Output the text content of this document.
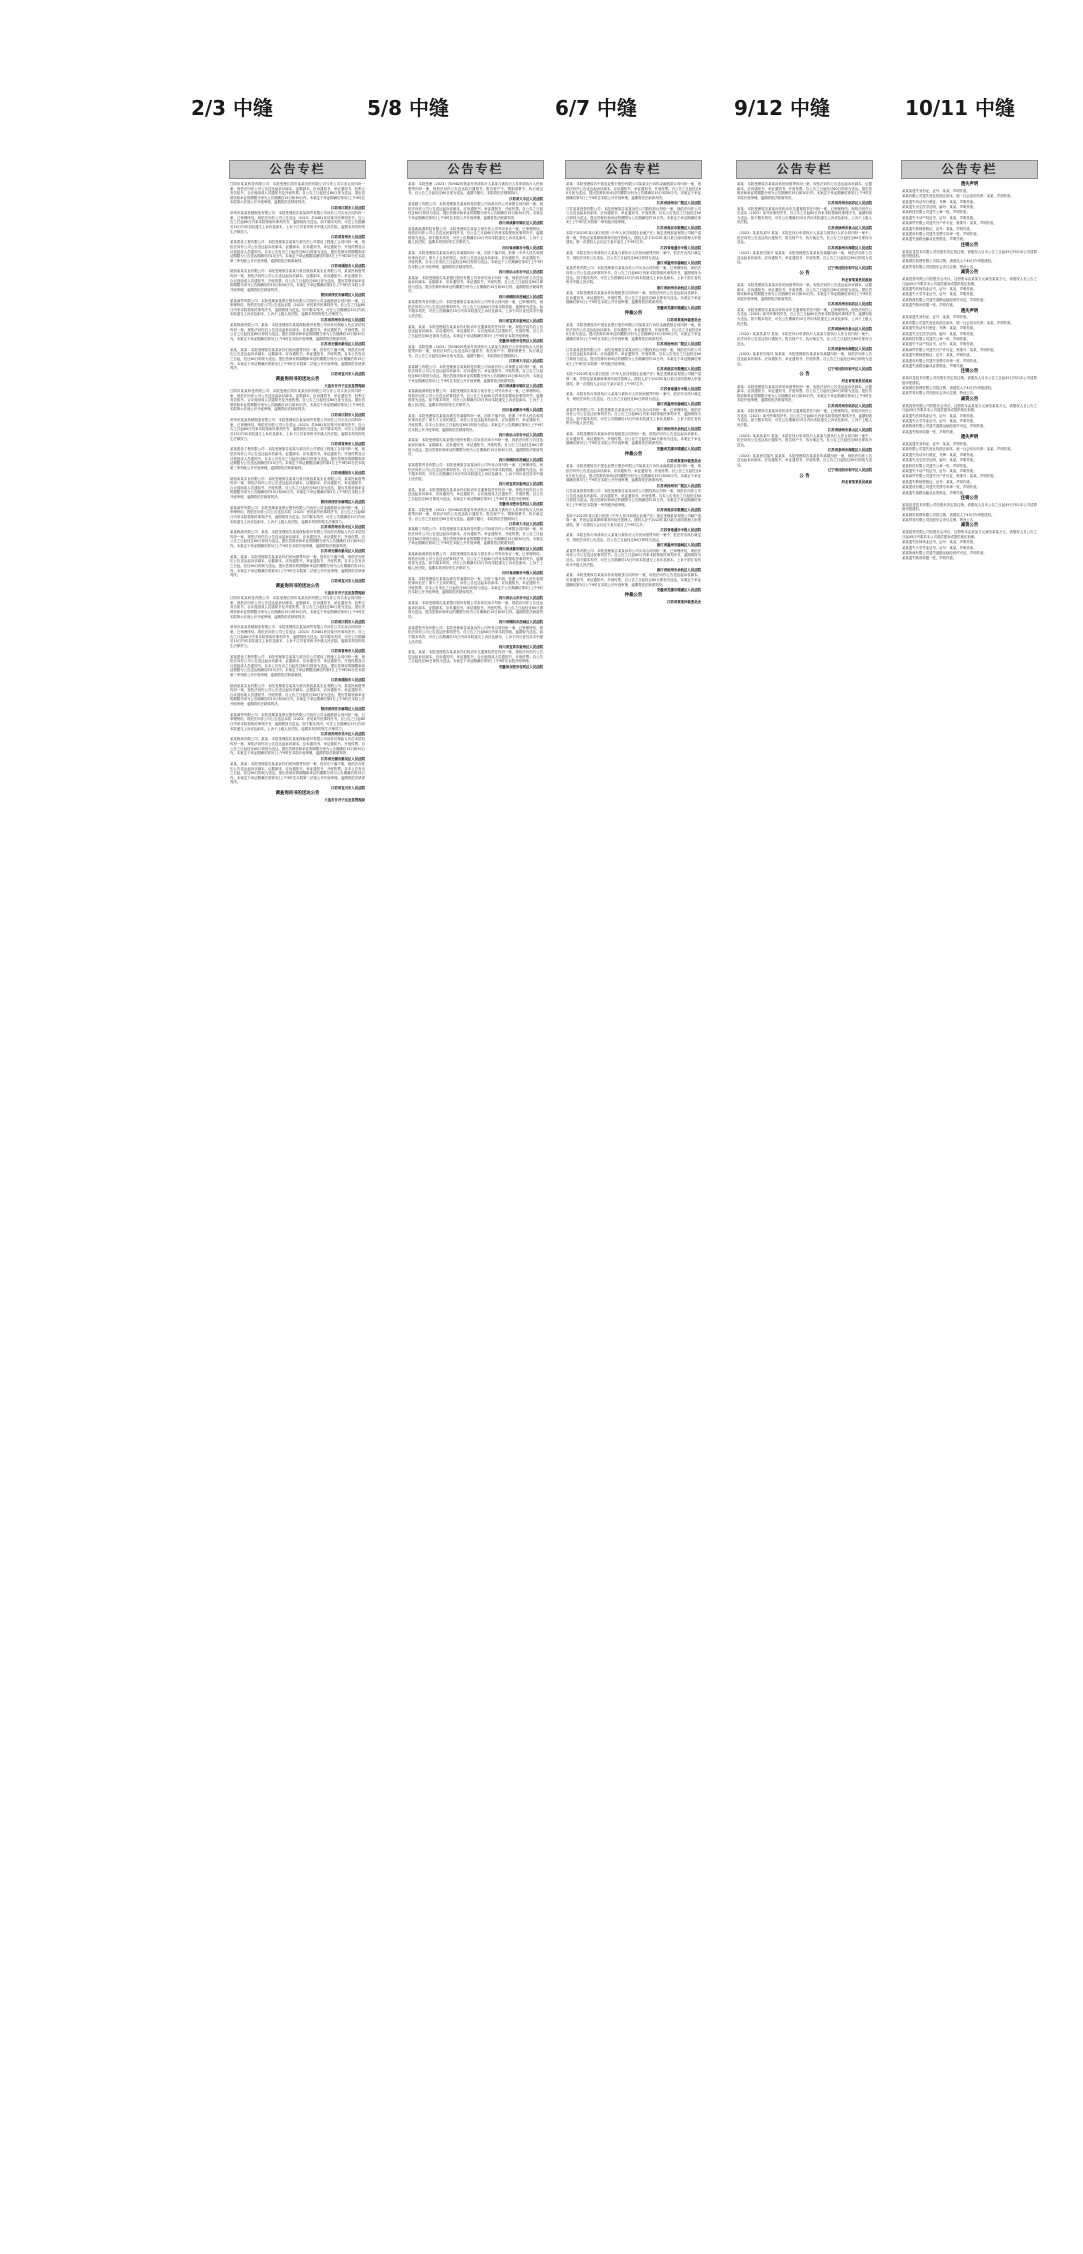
2/3 中缝	5/8 中缝	6/7 中缝	9/12 中缝	10/11 中缝
公告专栏

江阴市某某科技有限公司：本院受理江阴市某某纺织有限公司与你公司买卖合同纠纷一案，现依法向你公司公告送达起诉状副本、证据副本、应诉通知书、举证通知书、权利义务告知书、合议庭组成人员通知书及开庭传票。自公告之日起经过60日视为送达。提出答辩状和举证的期限分别为公告期满后15日和30日内。本案定于举证期满后第3日上午9时在本院第六法庭公开开庭审理，逾期将依法缺席判决。

江苏省江阴市人民法院

常州市某某机械制造有限公司：本院受理原告某某商贸有限公司诉你公司买卖合同纠纷一案，已审理终结。现依法向你公司公告送达（2023）苏0481民初某号民事判决书，自公告之日起60日内来本院领取民事判决书，逾期则视为送达。如不服本判决，可在公告期满后15日内向本院递交上诉状及副本，上诉于江苏省常州市中级人民法院。逾期本判决即发生法律效力。

江苏省常州市人民法院

某某建设工程有限公司：本院受理原告某某与被告你公司建设工程施工合同纠纷一案，现依法向你公司公告送达起诉状副本、证据副本、应诉通知书、举证通知书、开庭传票及合议庭组成人员通知书。自本公告发出之日起经过60日即视为送达。提出答辩状的期限和举证期限为公告送达期满后的15日内。本案定于举证期限届满后的第3日上午9时30分在本院第三审判庭公开开庭审理，逾期将依法缺席裁判。

江苏省溧阳市人民法院

陕西某某实业有限公司：本院受理原告某某与被告陕西某某实业有限公司、某某民间借贷纠纷一案，现依法向你公司公告送达起诉状副本、证据副本、应诉通知书、举证通知书、合议庭组成人员通知书、开庭传票。自公告之日起经过60日视为送达，提出答辩状和举证的期限分别为公告期满后的15日和30日内。本案定于举证期满后第3日上午9时在本院公开开庭审理，逾期将依法缺席判决。

陕西省西安市雁塔区人民法院

某某商贸有限公司：本院受理某某银行股份有限公司诉你公司金融借款合同纠纷一案，已审理终结，现依法向你公司公告送达本院（2023）民初某号民事判决书。自公告之日起60日内来本院领取民事判决书，逾期则视为送达。如不服本判决，可在公告期满后15日内向本院递交上诉状及副本，上诉于上级人民法院，逾期本判决即发生法律效力。

江苏省苏州市吴中区人民法院

某某物流有限公司、某某：本院受理原告某某保险股份有限公司诉你们保险人代位求偿权纠纷一案，现依法向你们公告送达起诉状副本、应诉通知书、举证通知书、开庭传票。自公告之日起经过60日即视为送达。提出答辩状和举证的期限分别为公告期满后15日和30日内。本案定于举证期满后第3日上午9时在本院开庭审理，逾期将依法缺席判决。

江苏省无锡市新吴区人民法院

某某、某某：本院受理原告某某诉你们民间借贷纠纷一案，因你们下落不明，现依法向你们公告送达起诉状副本、证据副本、应诉通知书、举证通知书、开庭传票。自本公告发出之日起，经过60日即视为送达。提出答辩状的期限和举证的期限分别为公告期满后的15日内。本案定于举证期满后的第3日上午9时在本院第二法庭公开开庭审理，逾期将依法缺席判决。

江苏省宜兴市人民法院

调查询问书的送达公告

大连市甘井子区应急管理局

江阴市某某科技有限公司：本院受理江阴市某某纺织有限公司与你公司买卖合同纠纷一案，现依法向你公司公告送达起诉状副本、证据副本、应诉通知书、举证通知书、权利义务告知书、合议庭组成人员通知书及开庭传票。自公告之日起经过60日视为送达。提出答辩状和举证的期限分别为公告期满后15日和30日内。本案定于举证期满后第3日上午9时在本院第六法庭公开开庭审理，逾期将依法缺席判决。

江苏省江阴市人民法院

常州市某某机械制造有限公司：本院受理原告某某商贸有限公司诉你公司买卖合同纠纷一案，已审理终结。现依法向你公司公告送达（2023）苏0481民初某号民事判决书，自公告之日起60日内来本院领取民事判决书，逾期则视为送达。如不服本判决，可在公告期满后15日内向本院递交上诉状及副本，上诉于江苏省常州市中级人民法院。逾期本判决即发生法律效力。

江苏省常州市人民法院

某某建设工程有限公司：本院受理原告某某与被告你公司建设工程施工合同纠纷一案，现依法向你公司公告送达起诉状副本、证据副本、应诉通知书、举证通知书、开庭传票及合议庭组成人员通知书。自本公告发出之日起经过60日即视为送达。提出答辩状的期限和举证期限为公告送达期满后的15日内。本案定于举证期限届满后的第3日上午9时30分在本院第三审判庭公开开庭审理，逾期将依法缺席裁判。

江苏省溧阳市人民法院

陕西某某实业有限公司：本院受理原告某某与被告陕西某某实业有限公司、某某民间借贷纠纷一案，现依法向你公司公告送达起诉状副本、证据副本、应诉通知书、举证通知书、合议庭组成人员通知书、开庭传票。自公告之日起经过60日视为送达，提出答辩状和举证的期限分别为公告期满后的15日和30日内。本案定于举证期满后第3日上午9时在本院公开开庭审理，逾期将依法缺席判决。

陕西省西安市雁塔区人民法院

某某商贸有限公司：本院受理某某银行股份有限公司诉你公司金融借款合同纠纷一案，已审理终结，现依法向你公司公告送达本院（2023）民初某号民事判决书。自公告之日起60日内来本院领取民事判决书，逾期则视为送达。如不服本判决，可在公告期满后15日内向本院递交上诉状及副本，上诉于上级人民法院，逾期本判决即发生法律效力。

江苏省苏州市吴中区人民法院

某某物流有限公司、某某：本院受理原告某某保险股份有限公司诉你们保险人代位求偿权纠纷一案，现依法向你们公告送达起诉状副本、应诉通知书、举证通知书、开庭传票。自公告之日起经过60日即视为送达。提出答辩状和举证的期限分别为公告期满后15日和30日内。本案定于举证期满后第3日上午9时在本院开庭审理，逾期将依法缺席判决。

江苏省无锡市新吴区人民法院

某某、某某：本院受理原告某某诉你们民间借贷纠纷一案，因你们下落不明，现依法向你们公告送达起诉状副本、证据副本、应诉通知书、举证通知书、开庭传票。自本公告发出之日起，经过60日即视为送达。提出答辩状的期限和举证的期限分别为公告期满后的15日内。本案定于举证期满后的第3日上午9时在本院第二法庭公开开庭审理，逾期将依法缺席判决。

江苏省宜兴市人民法院

调查询问书的送达公告

大连市甘井子区应急管理局

江阴市某某科技有限公司：本院受理江阴市某某纺织有限公司与你公司买卖合同纠纷一案，现依法向你公司公告送达起诉状副本、证据副本、应诉通知书、举证通知书、权利义务告知书、合议庭组成人员通知书及开庭传票。自公告之日起经过60日视为送达。提出答辩状和举证的期限分别为公告期满后15日和30日内。本案定于举证期满后第3日上午9时在本院第六法庭公开开庭审理，逾期将依法缺席判决。

江苏省江阴市人民法院

常州市某某机械制造有限公司：本院受理原告某某商贸有限公司诉你公司买卖合同纠纷一案，已审理终结。现依法向你公司公告送达（2023）苏0481民初某号民事判决书，自公告之日起60日内来本院领取民事判决书，逾期则视为送达。如不服本判决，可在公告期满后15日内向本院递交上诉状及副本，上诉于江苏省常州市中级人民法院。逾期本判决即发生法律效力。

江苏省常州市人民法院

某某建设工程有限公司：本院受理原告某某与被告你公司建设工程施工合同纠纷一案，现依法向你公司公告送达起诉状副本、证据副本、应诉通知书、举证通知书、开庭传票及合议庭组成人员通知书。自本公告发出之日起经过60日即视为送达。提出答辩状的期限和举证期限为公告送达期满后的15日内。本案定于举证期限届满后的第3日上午9时30分在本院第三审判庭公开开庭审理，逾期将依法缺席裁判。

江苏省溧阳市人民法院

陕西某某实业有限公司：本院受理原告某某与被告陕西某某实业有限公司、某某民间借贷纠纷一案，现依法向你公司公告送达起诉状副本、证据副本、应诉通知书、举证通知书、合议庭组成人员通知书、开庭传票。自公告之日起经过60日视为送达，提出答辩状和举证的期限分别为公告期满后的15日和30日内。本案定于举证期满后第3日上午9时在本院公开开庭审理，逾期将依法缺席判决。

陕西省西安市雁塔区人民法院

某某商贸有限公司：本院受理某某银行股份有限公司诉你公司金融借款合同纠纷一案，已审理终结，现依法向你公司公告送达本院（2023）民初某号民事判决书。自公告之日起60日内来本院领取民事判决书，逾期则视为送达。如不服本判决，可在公告期满后15日内向本院递交上诉状及副本，上诉于上级人民法院，逾期本判决即发生法律效力。

江苏省苏州市吴中区人民法院

某某物流有限公司、某某：本院受理原告某某保险股份有限公司诉你们保险人代位求偿权纠纷一案，现依法向你们公告送达起诉状副本、应诉通知书、举证通知书、开庭传票。自公告之日起经过60日即视为送达。提出答辩状和举证的期限分别为公告期满后15日和30日内。本案定于举证期满后第3日上午9时在本院开庭审理，逾期将依法缺席判决。

江苏省无锡市新吴区人民法院

某某、某某：本院受理原告某某诉你们民间借贷纠纷一案，因你们下落不明，现依法向你们公告送达起诉状副本、证据副本、应诉通知书、举证通知书、开庭传票。自本公告发出之日起，经过60日即视为送达。提出答辩状的期限和举证的期限分别为公告期满后的15日内。本案定于举证期满后的第3日上午9时在本院第二法庭公开开庭审理，逾期将依法缺席判决。

江苏省宜兴市人民法院

调查询问书的送达公告

大连市甘井子区应急管理局

公告专栏

某某：本院受理（2023）苏0982执恢某号申请执行人某某与被执行人你申请执行人民间借贷纠纷一案，现依法向你公告送达执行通知书、报告财产令、限制消费令、执行裁定书。自公告之日起经过60日视为送达。逾期不履行，本院将依法强制执行。

江苏省大丰区人民法院

某某精工有限公司：本院受理原告某某科技有限公司诉被告你公司承揽合同纠纷一案，现依法向你公司公告送达起诉状副本、应诉通知书、举证通知书、开庭传票。自公告之日起经过60日即视为送达。提出答辩状和举证的期限分别为公告期满后15日和30日内。本案定于举证期满后第3日上午9时在本院公开开庭审理，逾期将依法缺席判决。

四川省成都市锦江区人民法院

某某新能源科技有限公司：本院受理原告某某与被告你公司劳动争议一案，已审理终结。现依法向你公司公告送达民事判决书。自公告之日起60日内来本院领取民事判决书，逾期则视为送达。如不服本判决，可在公告期满后15日内向本院递交上诉状及副本，上诉于上级人民法院。逾期本判决即发生法律效力。

四川省成都市中级人民法院

某某：本院受理原告某某诉被告你离婚纠纷一案，因你下落不明，依照《中华人民共和国民事诉讼法》第九十五条的规定，向你公告送达起诉状副本、应诉通知书、举证通知书、开庭传票。自本公告发出之日起经过60日即视为送达。本案定于公告期满后第3日上午9时在本院公开开庭审理，逾期将依法缺席判决。

四川省乐山市市中区人民法院

某某某：本院受理原告某某银行股份有限公司诉你信用卡纠纷一案，现依法向你公告送达起诉状副本、证据副本、应诉通知书、举证通知书、开庭传票。自公告之日起经过60日即视为送达。提出答辩状和举证的期限分别为公告期满后15日和30日内。逾期将依法缺席判决。

四川省绵阳市涪城区人民法院

某某建筑劳务有限公司：本院受理原告某某诉你公司劳务合同纠纷一案，已审理终结，现依法向你公司公告送达民事判决书。自公告之日起60日内来本院领取，逾期视为送达。如不服本判决，可在公告期满后15日内向本院递交上诉状及副本，上诉于四川省宜宾市中级人民法院。

四川省宜宾市叙州区人民法院

某某、某某：本院受理原告某某诉你们机动车交通事故责任纠纷一案，现依法向你们公告送达起诉状副本、应诉通知书、举证通知书、合议庭组成人员通知书、开庭传票。自公告之日起经过60日即视为送达。本案定于举证期满后第3日上午9时在本院开庭审理。

安徽省合肥市包河区人民法院

某某：本院受理（2023）苏0982执恢某号申请执行人某某与被执行人你申请执行人民间借贷纠纷一案，现依法向你公告送达执行通知书、报告财产令、限制消费令、执行裁定书。自公告之日起经过60日视为送达。逾期不履行，本院将依法强制执行。

江苏省大丰区人民法院

某某精工有限公司：本院受理原告某某科技有限公司诉被告你公司承揽合同纠纷一案，现依法向你公司公告送达起诉状副本、应诉通知书、举证通知书、开庭传票。自公告之日起经过60日即视为送达。提出答辩状和举证的期限分别为公告期满后15日和30日内。本案定于举证期满后第3日上午9时在本院公开开庭审理，逾期将依法缺席判决。

四川省成都市锦江区人民法院

某某新能源科技有限公司：本院受理原告某某与被告你公司劳动争议一案，已审理终结。现依法向你公司公告送达民事判决书。自公告之日起60日内来本院领取民事判决书，逾期则视为送达。如不服本判决，可在公告期满后15日内向本院递交上诉状及副本，上诉于上级人民法院。逾期本判决即发生法律效力。

四川省成都市中级人民法院

某某：本院受理原告某某诉被告你离婚纠纷一案，因你下落不明，依照《中华人民共和国民事诉讼法》第九十五条的规定，向你公告送达起诉状副本、应诉通知书、举证通知书、开庭传票。自本公告发出之日起经过60日即视为送达。本案定于公告期满后第3日上午9时在本院公开开庭审理，逾期将依法缺席判决。

四川省乐山市市中区人民法院

某某某：本院受理原告某某银行股份有限公司诉你信用卡纠纷一案，现依法向你公告送达起诉状副本、证据副本、应诉通知书、举证通知书、开庭传票。自公告之日起经过60日即视为送达。提出答辩状和举证的期限分别为公告期满后15日和30日内。逾期将依法缺席判决。

四川省绵阳市涪城区人民法院

某某建筑劳务有限公司：本院受理原告某某诉你公司劳务合同纠纷一案，已审理终结，现依法向你公司公告送达民事判决书。自公告之日起60日内来本院领取，逾期视为送达。如不服本判决，可在公告期满后15日内向本院递交上诉状及副本，上诉于四川省宜宾市中级人民法院。

四川省宜宾市叙州区人民法院

某某、某某：本院受理原告某某诉你们机动车交通事故责任纠纷一案，现依法向你们公告送达起诉状副本、应诉通知书、举证通知书、合议庭组成人员通知书、开庭传票。自公告之日起经过60日即视为送达。本案定于举证期满后第3日上午9时在本院开庭审理。

安徽省合肥市包河区人民法院

某某：本院受理（2023）苏0982执恢某号申请执行人某某与被执行人你申请执行人民间借贷纠纷一案，现依法向你公告送达执行通知书、报告财产令、限制消费令、执行裁定书。自公告之日起经过60日视为送达。逾期不履行，本院将依法强制执行。

江苏省大丰区人民法院

某某精工有限公司：本院受理原告某某科技有限公司诉被告你公司承揽合同纠纷一案，现依法向你公司公告送达起诉状副本、应诉通知书、举证通知书、开庭传票。自公告之日起经过60日即视为送达。提出答辩状和举证的期限分别为公告期满后15日和30日内。本案定于举证期满后第3日上午9时在本院公开开庭审理，逾期将依法缺席判决。

四川省成都市锦江区人民法院

某某新能源科技有限公司：本院受理原告某某与被告你公司劳动争议一案，已审理终结。现依法向你公司公告送达民事判决书。自公告之日起60日内来本院领取民事判决书，逾期则视为送达。如不服本判决，可在公告期满后15日内向本院递交上诉状及副本，上诉于上级人民法院。逾期本判决即发生法律效力。

四川省成都市中级人民法院

某某：本院受理原告某某诉被告你离婚纠纷一案，因你下落不明，依照《中华人民共和国民事诉讼法》第九十五条的规定，向你公告送达起诉状副本、应诉通知书、举证通知书、开庭传票。自本公告发出之日起经过60日即视为送达。本案定于公告期满后第3日上午9时在本院公开开庭审理，逾期将依法缺席判决。

四川省乐山市市中区人民法院

某某某：本院受理原告某某银行股份有限公司诉你信用卡纠纷一案，现依法向你公告送达起诉状副本、证据副本、应诉通知书、举证通知书、开庭传票。自公告之日起经过60日即视为送达。提出答辩状和举证的期限分别为公告期满后15日和30日内。逾期将依法缺席判决。

四川省绵阳市涪城区人民法院

某某建筑劳务有限公司：本院受理原告某某诉你公司劳务合同纠纷一案，已审理终结，现依法向你公司公告送达民事判决书。自公告之日起60日内来本院领取，逾期视为送达。如不服本判决，可在公告期满后15日内向本院递交上诉状及副本，上诉于四川省宜宾市中级人民法院。

四川省宜宾市叙州区人民法院

某某、某某：本院受理原告某某诉你们机动车交通事故责任纠纷一案，现依法向你们公告送达起诉状副本、应诉通知书、举证通知书、合议庭组成人员通知书、开庭传票。自公告之日起经过60日即视为送达。本案定于举证期满后第3日上午9时在本院开庭审理。

安徽省合肥市包河区人民法院

公告专栏

某某：本院受理原告中国农业银行股份有限公司某某支行诉你金融借款合同纠纷一案，现依法向你公告送达起诉状副本、应诉通知书、举证通知书、开庭传票。自公告之日起经过60日视为送达。提出答辩状和举证的期限分别为公告期满后15日和30日内。本案定于举证期满后第3日上午9时在本院公开开庭审理，逾期将依法缺席判决。

江苏省扬州市广陵区人民法院

江苏某某投资有限公司：本院受理原告某某诉你公司股权转让纠纷一案，现依法向你公司公告送达起诉状副本、应诉通知书、举证通知书、开庭传票。自本公告发出之日起经过60日即视为送达。提出答辩状和举证的期限为公告期满后的15日内。本案定于举证期满后第3日上午9时在本院第一审判庭开庭审理。

江苏省南京市鼓楼区人民法院

本院于2023年某月某日依照《中华人民共和国企业破产法》裁定受理某某有限公司破产清算一案，并指定某某律师事务所担任管理人。债权人应于2023年某月某日前向管理人申报债权。第一次债权人会议定于某月某日上午9时召开。

江苏省南通市中级人民法院

某某：本院在执行申请执行人某某与被执行人你民间借贷纠纷一案中，依法作出执行裁定书，现依法向你公告送达。自公告之日起经过60日即视为送达。

浙江省温州市鹿城区人民法院

某某贸易有限公司：本院受理原告某某诉你公司买卖合同纠纷一案，已审理终结，现依法向你公司公告送达民事判决书。自公告之日起60日内来本院领取民事判决书，逾期则视为送达。如不服本判决，可在公告期满后15日内向本院递交上诉状及副本，上诉于浙江省杭州市中级人民法院。

浙江省杭州市余杭区人民法院

某某：本院受理原告某某诉你房屋租赁合同纠纷一案，现依法向你公告送达起诉状副本、应诉通知书、举证通知书、开庭传票。自公告之日起经过60日即视为送达。本案定于举证期满后第3日上午9时在本院公开开庭审理，逾期将依法缺席判决。

安徽省芜湖市镜湖区人民法院

仲裁公告

江苏省某某仲裁委员会

某某：本院受理原告中国农业银行股份有限公司某某支行诉你金融借款合同纠纷一案，现依法向你公告送达起诉状副本、应诉通知书、举证通知书、开庭传票。自公告之日起经过60日视为送达。提出答辩状和举证的期限分别为公告期满后15日和30日内。本案定于举证期满后第3日上午9时在本院公开开庭审理，逾期将依法缺席判决。

江苏省扬州市广陵区人民法院

江苏某某投资有限公司：本院受理原告某某诉你公司股权转让纠纷一案，现依法向你公司公告送达起诉状副本、应诉通知书、举证通知书、开庭传票。自本公告发出之日起经过60日即视为送达。提出答辩状和举证的期限为公告期满后的15日内。本案定于举证期满后第3日上午9时在本院第一审判庭开庭审理。

江苏省南京市鼓楼区人民法院

本院于2023年某月某日依照《中华人民共和国企业破产法》裁定受理某某有限公司破产清算一案，并指定某某律师事务所担任管理人。债权人应于2023年某月某日前向管理人申报债权。第一次债权人会议定于某月某日上午9时召开。

江苏省南通市中级人民法院

某某：本院在执行申请执行人某某与被执行人你民间借贷纠纷一案中，依法作出执行裁定书，现依法向你公告送达。自公告之日起经过60日即视为送达。

浙江省温州市鹿城区人民法院

某某贸易有限公司：本院受理原告某某诉你公司买卖合同纠纷一案，已审理终结，现依法向你公司公告送达民事判决书。自公告之日起60日内来本院领取民事判决书，逾期则视为送达。如不服本判决，可在公告期满后15日内向本院递交上诉状及副本，上诉于浙江省杭州市中级人民法院。

浙江省杭州市余杭区人民法院

某某：本院受理原告某某诉你房屋租赁合同纠纷一案，现依法向你公告送达起诉状副本、应诉通知书、举证通知书、开庭传票。自公告之日起经过60日即视为送达。本案定于举证期满后第3日上午9时在本院公开开庭审理，逾期将依法缺席判决。

安徽省芜湖市镜湖区人民法院

仲裁公告

江苏省某某仲裁委员会

某某：本院受理原告中国农业银行股份有限公司某某支行诉你金融借款合同纠纷一案，现依法向你公告送达起诉状副本、应诉通知书、举证通知书、开庭传票。自公告之日起经过60日视为送达。提出答辩状和举证的期限分别为公告期满后15日和30日内。本案定于举证期满后第3日上午9时在本院公开开庭审理，逾期将依法缺席判决。

江苏省扬州市广陵区人民法院

江苏某某投资有限公司：本院受理原告某某诉你公司股权转让纠纷一案，现依法向你公司公告送达起诉状副本、应诉通知书、举证通知书、开庭传票。自本公告发出之日起经过60日即视为送达。提出答辩状和举证的期限为公告期满后的15日内。本案定于举证期满后第3日上午9时在本院第一审判庭开庭审理。

江苏省南京市鼓楼区人民法院

本院于2023年某月某日依照《中华人民共和国企业破产法》裁定受理某某有限公司破产清算一案，并指定某某律师事务所担任管理人。债权人应于2023年某月某日前向管理人申报债权。第一次债权人会议定于某月某日上午9时召开。

江苏省南通市中级人民法院

某某：本院在执行申请执行人某某与被执行人你民间借贷纠纷一案中，依法作出执行裁定书，现依法向你公告送达。自公告之日起经过60日即视为送达。

浙江省温州市鹿城区人民法院

某某贸易有限公司：本院受理原告某某诉你公司买卖合同纠纷一案，已审理终结，现依法向你公司公告送达民事判决书。自公告之日起60日内来本院领取民事判决书，逾期则视为送达。如不服本判决，可在公告期满后15日内向本院递交上诉状及副本，上诉于浙江省杭州市中级人民法院。

浙江省杭州市余杭区人民法院

某某：本院受理原告某某诉你房屋租赁合同纠纷一案，现依法向你公告送达起诉状副本、应诉通知书、举证通知书、开庭传票。自公告之日起经过60日即视为送达。本案定于举证期满后第3日上午9时在本院公开开庭审理，逾期将依法缺席判决。

安徽省芜湖市镜湖区人民法院

仲裁公告

江苏省某某仲裁委员会

公告专栏

某某：本院受理原告某某诉你民间借贷纠纷一案，现依法向你公告送达起诉状副本、证据副本、应诉通知书、举证通知书、开庭传票。自公告之日起经过60日即视为送达。提出答辩状和举证的期限分别为公告期满后15日和30日内。本案定于举证期满后第3日上午9时在本院开庭审理，逾期将依法缺席判决。

江苏省苏州市姑苏区人民法院

某某：本院受理原告某某诉你机动车交通事故责任纠纷一案，已审理终结。现依法向你公告送达（2023）某号民事判决书。自公告之日起60日内来本院领取民事判决书，逾期则视为送达。如不服本判决，可在公告期满后15日内向本院递交上诉状及副本，上诉于上级人民法院。

江苏省徐州市泉山区人民法院

（2023）某某执某号 某某：本院在执行申请执行人某某与被执行人你合同纠纷一案中，依法向你公告送达执行通知书、报告财产令、执行裁定书。自公告之日起经过60日即视为送达。

江苏省泰州市海陵区人民法院

（2023）某某民初某号 某某某：本院受理原告某某诉你离婚纠纷一案，现依法向你公告送达起诉状副本、应诉通知书、举证通知书、开庭传票。自公告之日起经过60日即视为送达。

辽宁省沈阳市和平区人民法院

公 告

河北省某某县民政局

某某：本院受理原告某某诉你民间借贷纠纷一案，现依法向你公告送达起诉状副本、证据副本、应诉通知书、举证通知书、开庭传票。自公告之日起经过60日即视为送达。提出答辩状和举证的期限分别为公告期满后15日和30日内。本案定于举证期满后第3日上午9时在本院开庭审理，逾期将依法缺席判决。

江苏省苏州市姑苏区人民法院

某某：本院受理原告某某诉你机动车交通事故责任纠纷一案，已审理终结。现依法向你公告送达（2023）某号民事判决书。自公告之日起60日内来本院领取民事判决书，逾期则视为送达。如不服本判决，可在公告期满后15日内向本院递交上诉状及副本，上诉于上级人民法院。

江苏省徐州市泉山区人民法院

（2023）某某执某号 某某：本院在执行申请执行人某某与被执行人你合同纠纷一案中，依法向你公告送达执行通知书、报告财产令、执行裁定书。自公告之日起经过60日即视为送达。

江苏省泰州市海陵区人民法院

（2023）某某民初某号 某某某：本院受理原告某某诉你离婚纠纷一案，现依法向你公告送达起诉状副本、应诉通知书、举证通知书、开庭传票。自公告之日起经过60日即视为送达。

辽宁省沈阳市和平区人民法院

公 告

河北省某某县民政局

某某：本院受理原告某某诉你民间借贷纠纷一案，现依法向你公告送达起诉状副本、证据副本、应诉通知书、举证通知书、开庭传票。自公告之日起经过60日即视为送达。提出答辩状和举证的期限分别为公告期满后15日和30日内。本案定于举证期满后第3日上午9时在本院开庭审理，逾期将依法缺席判决。

江苏省苏州市姑苏区人民法院

某某：本院受理原告某某诉你机动车交通事故责任纠纷一案，已审理终结。现依法向你公告送达（2023）某号民事判决书。自公告之日起60日内来本院领取民事判决书，逾期则视为送达。如不服本判决，可在公告期满后15日内向本院递交上诉状及副本，上诉于上级人民法院。

江苏省徐州市泉山区人民法院

（2023）某某执某号 某某：本院在执行申请执行人某某与被执行人你合同纠纷一案中，依法向你公告送达执行通知书、报告财产令、执行裁定书。自公告之日起经过60日即视为送达。

江苏省泰州市海陵区人民法院

（2023）某某民初某号 某某某：本院受理原告某某诉你离婚纠纷一案，现依法向你公告送达起诉状副本、应诉通知书、举证通知书、开庭传票。自公告之日起经过60日即视为送达。

辽宁省沈阳市和平区人民法院

公 告

河北省某某县民政局

公告专栏

遗失声明

某某某遗失身份证，证号：某某，声明作废。

某某有限公司遗失营业执照正副本，统一社会信用代码：某某，声明作废。

某某遗失机动车行驶证，号牌：某某，声明作废。

某某遗失出生医学证明，编号：某某，声明作废。

某某科技有限公司遗失公章一枚，声明作废。

某某遗失不动产权证书，证号：某某，声明作废。

某某商贸有限公司遗失开户许可证，核准号：某某，声明作废。

某某遗失教师资格证，证号：某某，声明作废。

某某建设有限公司遗失发票专用章一枚，声明作废。

某某遗失道路运输从业资格证，声明作废。

注销公告

某某信息技术有限公司经股东决定拟注销，请债权人自本公告之日起45日内向本公司清算组申报债权。

某某餐饮管理有限公司拟注销，请债权人于45日内申报债权。

某某贸易有限公司经股东会决议注销，特此公告。

减资公告

某某投资有限公司经股东会决议，注册资本由某某万元减至某某万元，请债权人自公告之日起45日内要求本公司清偿债务或提供相应担保。

某某遗失医师执业证书，证号：某某，声明作废。

某某遗失大学毕业证书，证号：某某，声明作废。

某某物流有限公司遗失道路运输经营许可证，声明作废。

某某遗失购房收据一张，声明作废。

遗失声明

某某某遗失身份证，证号：某某，声明作废。

某某有限公司遗失营业执照正副本，统一社会信用代码：某某，声明作废。

某某遗失机动车行驶证，号牌：某某，声明作废。

某某遗失出生医学证明，编号：某某，声明作废。

某某科技有限公司遗失公章一枚，声明作废。

某某遗失不动产权证书，证号：某某，声明作废。

某某商贸有限公司遗失开户许可证，核准号：某某，声明作废。

某某遗失教师资格证，证号：某某，声明作废。

某某建设有限公司遗失发票专用章一枚，声明作废。

某某遗失道路运输从业资格证，声明作废。

注销公告

某某信息技术有限公司经股东决定拟注销，请债权人自本公告之日起45日内向本公司清算组申报债权。

某某餐饮管理有限公司拟注销，请债权人于45日内申报债权。

某某贸易有限公司经股东会决议注销，特此公告。

减资公告

某某投资有限公司经股东会决议，注册资本由某某万元减至某某万元，请债权人自公告之日起45日内要求本公司清偿债务或提供相应担保。

某某遗失医师执业证书，证号：某某，声明作废。

某某遗失大学毕业证书，证号：某某，声明作废。

某某物流有限公司遗失道路运输经营许可证，声明作废。

某某遗失购房收据一张，声明作废。

遗失声明

某某某遗失身份证，证号：某某，声明作废。

某某有限公司遗失营业执照正副本，统一社会信用代码：某某，声明作废。

某某遗失机动车行驶证，号牌：某某，声明作废。

某某遗失出生医学证明，编号：某某，声明作废。

某某科技有限公司遗失公章一枚，声明作废。

某某遗失不动产权证书，证号：某某，声明作废。

某某商贸有限公司遗失开户许可证，核准号：某某，声明作废。

某某遗失教师资格证，证号：某某，声明作废。

某某建设有限公司遗失发票专用章一枚，声明作废。

某某遗失道路运输从业资格证，声明作废。

注销公告

某某信息技术有限公司经股东决定拟注销，请债权人自本公告之日起45日内向本公司清算组申报债权。

某某餐饮管理有限公司拟注销，请债权人于45日内申报债权。

某某贸易有限公司经股东会决议注销，特此公告。

减资公告

某某投资有限公司经股东会决议，注册资本由某某万元减至某某万元，请债权人自公告之日起45日内要求本公司清偿债务或提供相应担保。

某某遗失医师执业证书，证号：某某，声明作废。

某某遗失大学毕业证书，证号：某某，声明作废。

某某物流有限公司遗失道路运输经营许可证，声明作废。

某某遗失购房收据一张，声明作废。
